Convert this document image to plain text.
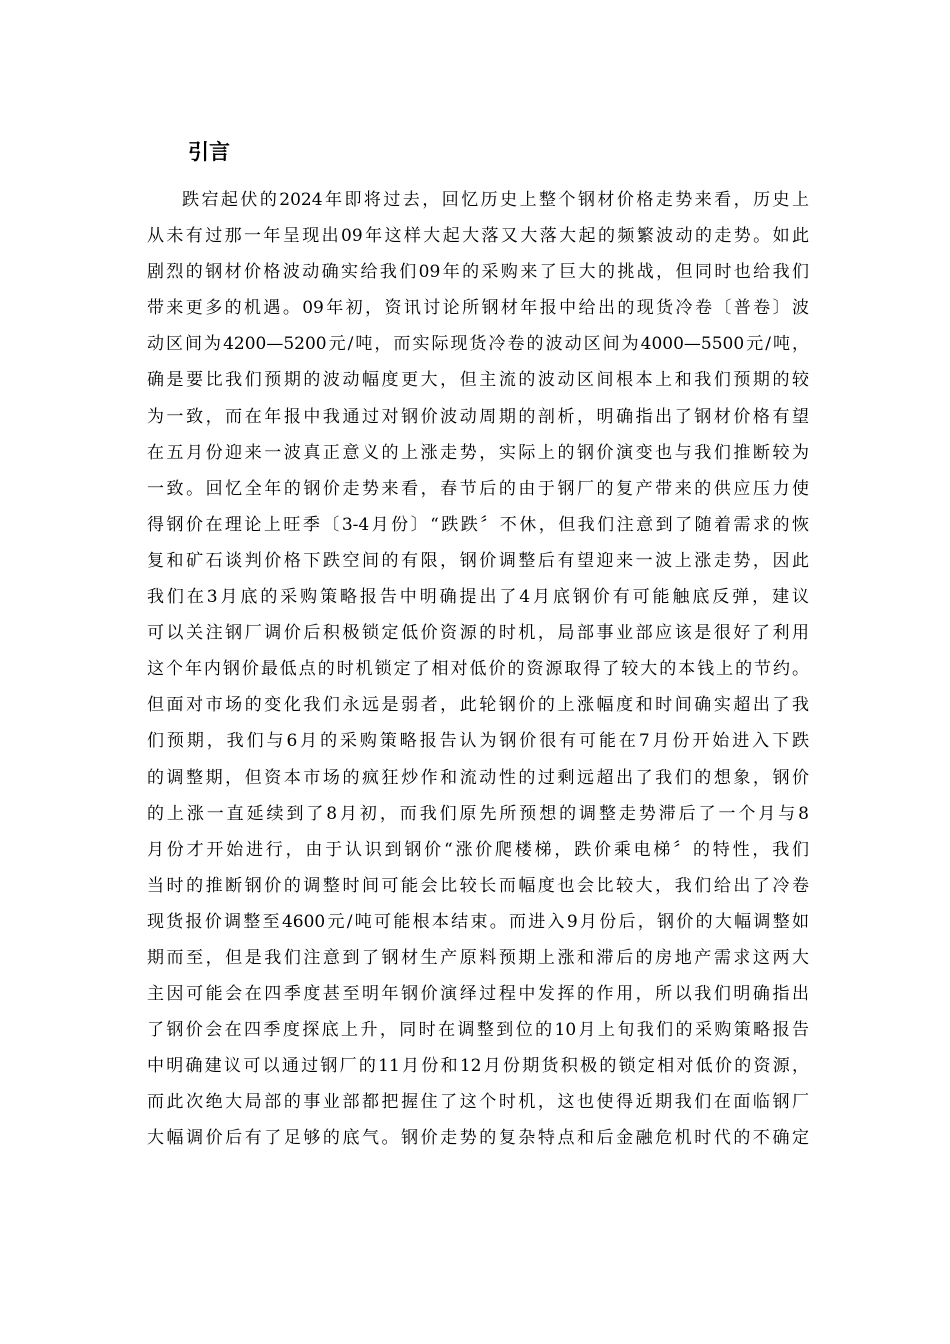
引言
跌宕起伏的2024年即将过去，回忆历史上整个钢材价格走势来看，历史上
从未有过那一年呈现出09年这样大起大落又大落大起的频繁波动的走势。如此
剧烈的钢材价格波动确实给我们09年的采购来了巨大的挑战，但同时也给我们
带来更多的机遇。09年初，资讯讨论所钢材年报中给出的现货冷卷〔普卷〕波
动区间为4200—5200元/吨，而实际现货冷卷的波动区间为4000—5500元/吨，
确是要比我们预期的波动幅度更大，但主流的波动区间根本上和我们预期的较
为一致，而在年报中我通过对钢价波动周期的剖析，明确指出了钢材价格有望
在五月份迎来一波真正意义的上涨走势，实际上的钢价演变也与我们推断较为
一致。回忆全年的钢价走势来看，春节后的由于钢厂的复产带来的供应压力使
得钢价在理论上旺季〔3-4月份〕“跌跌〞不休，但我们注意到了随着需求的恢
复和矿石谈判价格下跌空间的有限，钢价调整后有望迎来一波上涨走势，因此
我们在3月底的采购策略报告中明确提出了4月底钢价有可能触底反弹，建议
可以关注钢厂调价后积极锁定低价资源的时机，局部事业部应该是很好了利用
这个年内钢价最低点的时机锁定了相对低价的资源取得了较大的本钱上的节约。
但面对市场的变化我们永远是弱者，此轮钢价的上涨幅度和时间确实超出了我
们预期，我们与6月的采购策略报告认为钢价很有可能在7月份开始进入下跌
的调整期，但资本市场的疯狂炒作和流动性的过剩远超出了我们的想象，钢价
的上涨一直延续到了8月初，而我们原先所预想的调整走势滞后了一个月与8
月份才开始进行，由于认识到钢价“涨价爬楼梯，跌价乘电梯〞的特性，我们
当时的推断钢价的调整时间可能会比较长而幅度也会比较大，我们给出了冷卷
现货报价调整至4600元/吨可能根本结束。而进入9月份后，钢价的大幅调整如
期而至，但是我们注意到了钢材生产原料预期上涨和滞后的房地产需求这两大
主因可能会在四季度甚至明年钢价演绎过程中发挥的作用，所以我们明确指出
了钢价会在四季度探底上升，同时在调整到位的10月上旬我们的采购策略报告
中明确建议可以通过钢厂的11月份和12月份期货积极的锁定相对低价的资源，
而此次绝大局部的事业部都把握住了这个时机，这也使得近期我们在面临钢厂
大幅调价后有了足够的底气。钢价走势的复杂特点和后金融危机时代的不确定
